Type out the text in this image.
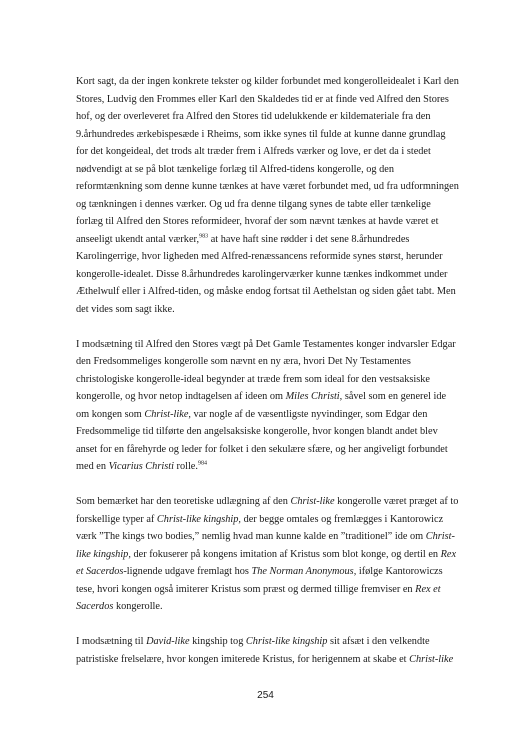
Kort sagt, da der ingen konkrete tekster og kilder forbundet med kongerolleidealet i Karl den Stores, Ludvig den Frommes eller Karl den Skaldedes tid er at finde ved Alfred den Stores hof, og der overleveret fra Alfred den Stores tid udelukkende er kildemateriale fra den 9.århundredes ærkebispesæde i Rheims, som ikke synes til fulde at kunne danne grundlag for det kongeideal, det trods alt træder frem i Alfreds værker og love, er det da i stedet nødvendigt at se på blot tænkelige forlæg til Alfred-tidens kongerolle, og den reformtænkning som denne kunne tænkes at have været forbundet med, ud fra udformningen og tænkningen i dennes værker. Og ud fra denne tilgang synes de tabte eller tænkelige forlæg til Alfred den Stores reformideer, hvoraf der som nævnt tænkes at havde været et anseeligt ukendt antal værker,$^{983}$ at have haft sine rødder i det sene 8.århundredes Karolingerrige, hvor ligheden med Alfred-renæssancens reformide synes størst, herunder kongerolle-idealet. Disse 8.århundredes karolingerværker kunne tænkes indkommet under Æthelwulf eller i Alfred-tiden, og måske endog fortsat til Aethelstan og siden gået tabt. Men det vides som sagt ikke.

I modsætning til Alfred den Stores vægt på Det Gamle Testamentes konger indvarsler Edgar den Fredsommeliges kongerolle som nævnt en ny æra, hvori Det Ny Testamentes christologiske kongerolle-ideal begynder at træde frem som ideal for den vestsaksiske kongerolle, og hvor netop indtagelsen af ideen om Miles Christi, såvel som en generel ide om kongen som Christ-like, var nogle af de væsentligste nyvindinger, som Edgar den Fredsommelige tid tilførte den angelsaksiske kongerolle, hvor kongen blandt andet blev anset for en fårehyrde og leder for folket i den sekulære sfære, og her angiveligt forbundet med en Vicarius Christi rolle.$^{984}$

Som bemærket har den teoretiske udlægning af den Christ-like kongerolle været præget af to forskellige typer af Christ-like kingship, der begge omtales og fremlægges i Kantorowicz værk ”The kings two bodies,” nemlig hvad man kunne kalde en ”traditionel” ide om Christ-like kingship, der fokuserer på kongens imitation af Kristus som blot konge, og dertil en Rex et Sacerdos-lignende udgave fremlagt hos The Norman Anonymous, ifølge Kantorowiczs tese, hvori kongen også imiterer Kristus som præst og dermed tillige fremviser en Rex et Sacerdos kongerolle.

I modsætning til David-like kingship tog Christ-like kingship sit afsæt i den velkendte patristiske frelselære, hvor kongen imiterede Kristus, for herigennem at skabe et Christ-like

254
